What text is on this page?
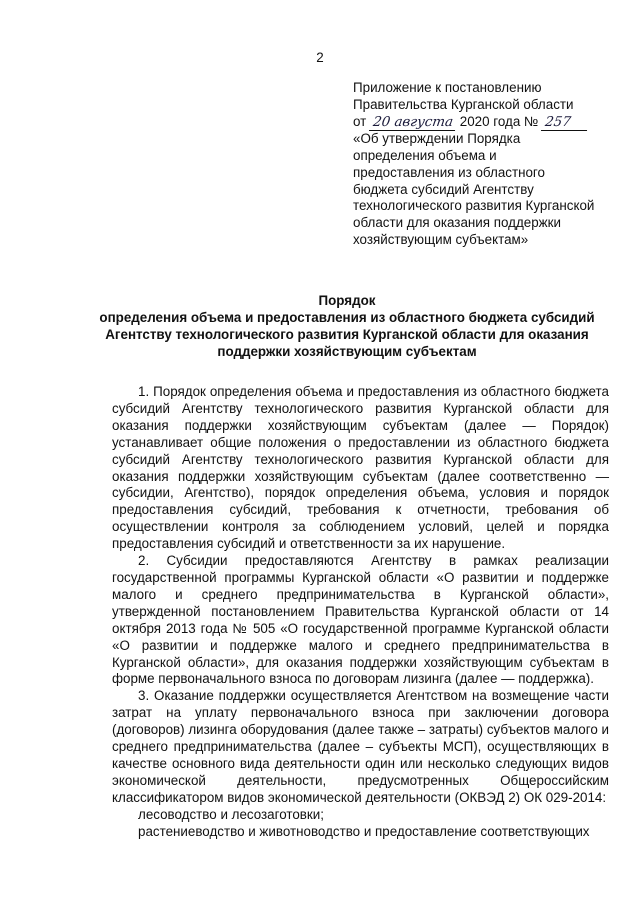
2
Приложение к постановлению
Правительства Курганской области
от 20 августа 2020 года № 257
«Об утверждении Порядка
определения объема и
предоставления из областного
бюджета субсидий Агентству
технологического развития Курганской
области для оказания поддержки
хозяйствующим субъектам»
Порядок
определения объема и предоставления из областного бюджета субсидий
Агентству технологического развития Курганской области для оказания
поддержки хозяйствующим субъектам

1. Порядок определения объема и предоставления из областного бюджета субсидий Агентству технологического развития Курганской области для оказания поддержки хозяйствующим субъектам (далее — Порядок) устанавливает общие положения о предоставлении из областного бюджета субсидий Агентству технологического развития Курганской области для оказания поддержки хозяйствующим субъектам (далее соответственно — субсидии, Агентство), порядок определения объема, условия и порядок предоставления субсидий, требования к отчетности, требования об осуществлении контроля за соблюдением условий, целей и порядка предоставления субсидий и ответственности за их нарушение.

2. Субсидии предоставляются Агентству в рамках реализации государственной программы Курганской области «О развитии и поддержке малого и среднего предпринимательства в Курганской области», утвержденной постановлением Правительства Курганской области от 14 октября 2013 года № 505 «О государственной программе Курганской области «О развитии и поддержке малого и среднего предпринимательства в Курганской области», для оказания поддержки хозяйствующим субъектам в форме первоначального взноса по договорам лизинга (далее — поддержка).

3. Оказание поддержки осуществляется Агентством на возмещение части затрат на уплату первоначального взноса при заключении договора (договоров) лизинга оборудования (далее также – затраты) субъектов малого и среднего предпринимательства (далее – субъекты МСП), осуществляющих в качестве основного вида деятельности один или несколько следующих видов экономической деятельности, предусмотренных Общероссийским классификатором видов экономической деятельности (ОКВЭД 2) ОК 029-2014:

лесоводство и лесозаготовки;

растениеводство и животноводство и предоставление соответствующих
